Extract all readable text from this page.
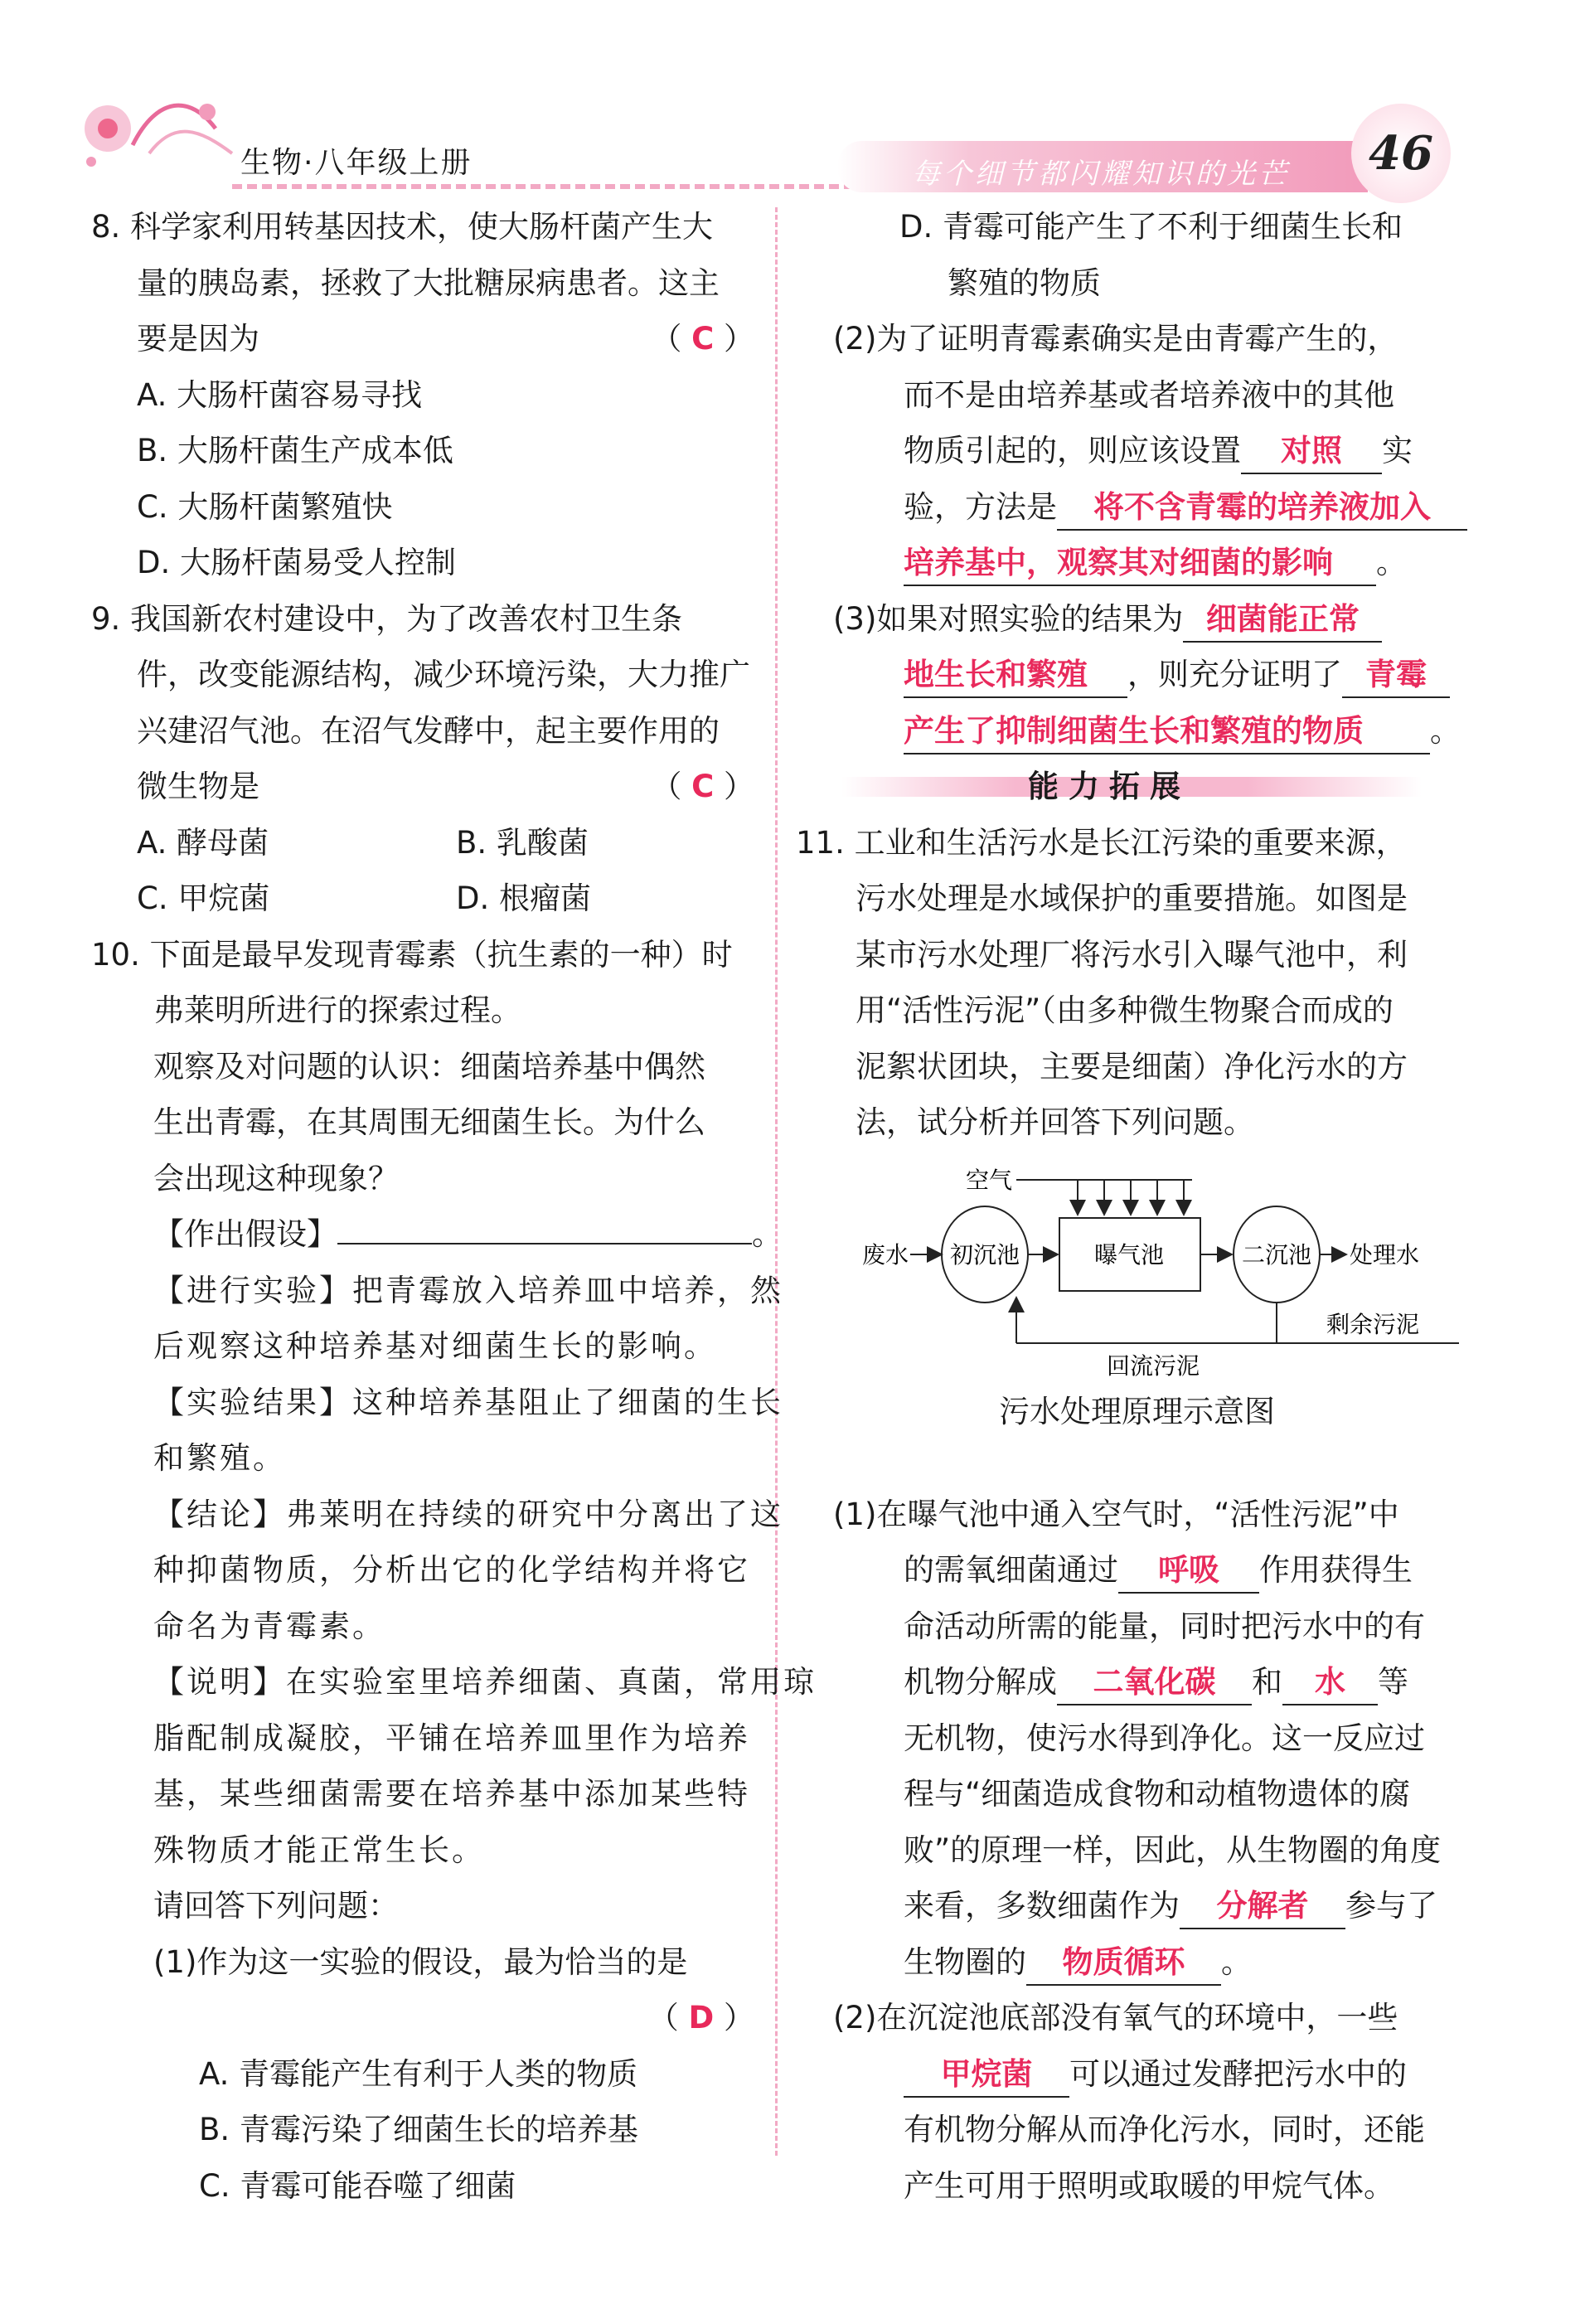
生物·八年级上册	每个细节都闪耀知识的光芒	46
8. 科学家利用转基因技术，使大肠杆菌产生大
量的胰岛素，拯救了大批糖尿病患者。这主
要是因为	（ C ）
A. 大肠杆菌容易寻找
B. 大肠杆菌生产成本低
C. 大肠杆菌繁殖快
D. 大肠杆菌易受人控制
9. 我国新农村建设中，为了改善农村卫生条
件，改变能源结构，减少环境污染，大力推广
兴建沼气池。在沼气发酵中，起主要作用的
微生物是	（ C ）
A. 酵母菌	B. 乳酸菌
C. 甲烷菌	D. 根瘤菌
10. 下面是最早发现青霉素（抗生素的一种）时
弗莱明所进行的探索过程。
观察及对问题的认识：细菌培养基中偶然
生出青霉，在其周围无细菌生长。为什么
会出现这种现象？
【作出假设】	。
【进行实验】把青霉放入培养皿中培养，然
后观察这种培养基对细菌生长的影响。
【实验结果】这种培养基阻止了细菌的生长
和繁殖。
【结论】弗莱明在持续的研究中分离出了这
种抑菌物质，分析出它的化学结构并将它
命名为青霉素。
【说明】在实验室里培养细菌、真菌，常用琼
脂配制成凝胶，平铺在培养皿里作为培养
基，某些细菌需要在培养基中添加某些特
殊物质才能正常生长。
请回答下列问题：
(1)作为这一实验的假设，最为恰当的是
（ D ）
A. 青霉能产生有利于人类的物质
B. 青霉污染了细菌生长的培养基
C. 青霉可能吞噬了细菌
D. 青霉可能产生了不利于细菌生长和
繁殖的物质
(2)为了证明青霉素确实是由青霉产生的，
而不是由培养基或者培养液中的其他
物质引起的，则应该设置 对照 实
验，方法是 将不含青霉的培养液加入
培养基中，观察其对细菌的影响 。
(3)如果对照实验的结果为 细菌能正常
地生长和繁殖 ，则充分证明了 青霉
产生了抑制细菌生长和繁殖的物质 。
能力拓展
11. 工业和生活污水是长江污染的重要来源，
污水处理是水域保护的重要措施。如图是
某市污水处理厂将污水引入曝气池中，利
用“活性污泥”（由多种微生物聚合而成的
泥絮状团块，主要是细菌）净化污水的方
法，试分析并回答下列问题。
(1)在曝气池中通入空气时，“活性污泥”中
的需氧细菌通过 呼吸 作用获得生
命活动所需的能量，同时把污水中的有
机物分解成 二氧化碳 和 水 等
无机物，使污水得到净化。这一反应过
程与“细菌造成食物和动植物遗体的腐
败”的原理一样，因此，从生物圈的角度
来看，多数细菌作为 分解者 参与了
生物圈的 物质循环 。
(2)在沉淀池底部没有氧气的环境中，一些
甲烷菌 可以通过发酵把污水中的
有机物分解从而净化污水，同时，还能
产生可用于照明或取暖的甲烷气体。
空气
废水 初沉池	曝气池	二沉池 处理水
剩余污泥
回流污泥
污水处理原理示意图
